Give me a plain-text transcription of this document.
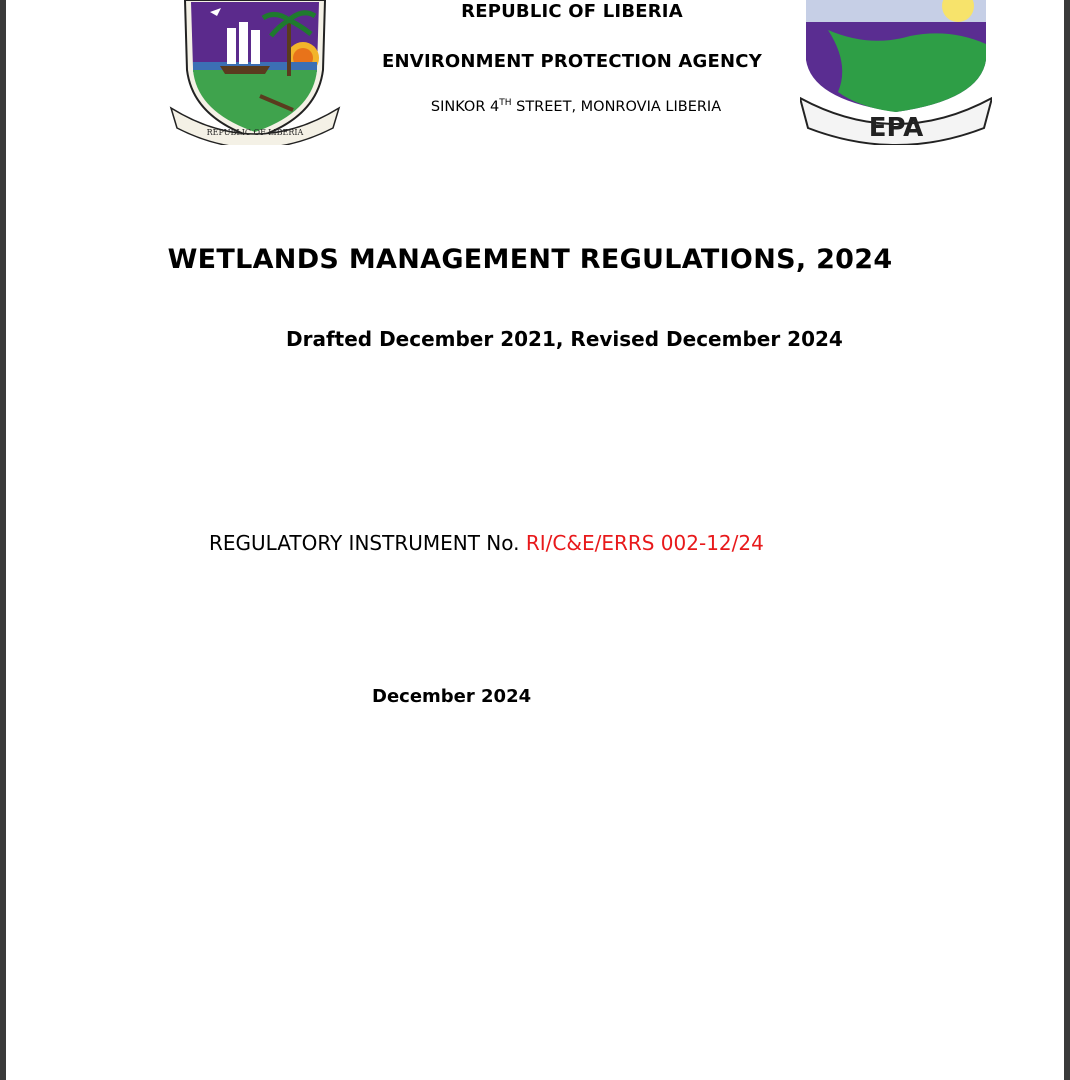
REPUBLIC OF LIBERIA	EPA
REPUBLIC OF LIBERIA
ENVIRONMENT PROTECTION AGENCY
SINKOR 4TH STREET, MONROVIA LIBERIA
WETLANDS MANAGEMENT REGULATIONS, 2024
Drafted December 2021, Revised December 2024
REGULATORY INSTRUMENT No. RI/C&E/ERRS 002-12/24
December 2024
